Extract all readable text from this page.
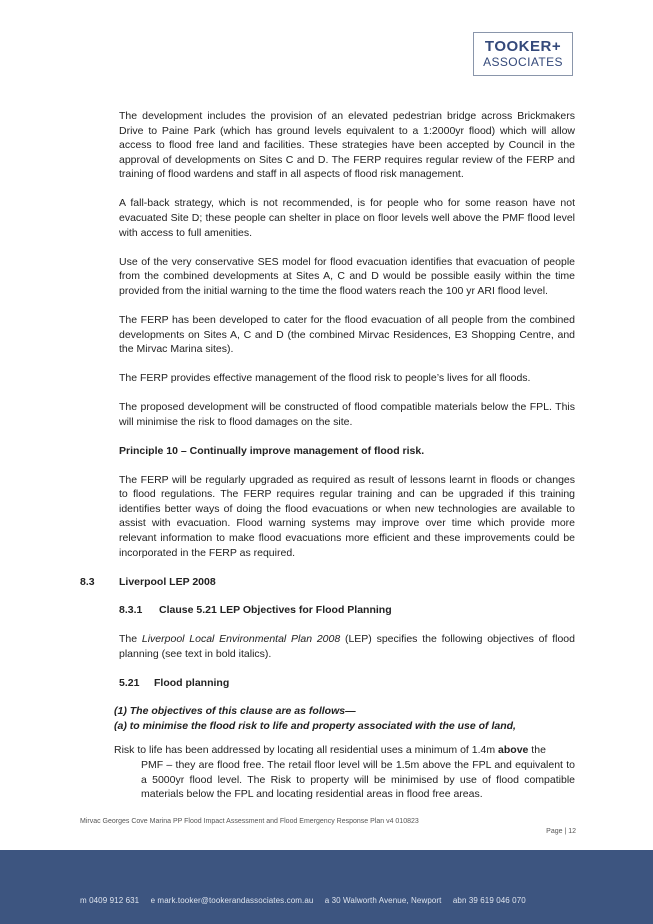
TOOKER+
ASSOCIATES

The development includes the provision of an elevated pedestrian bridge across Brickmakers Drive to Paine Park (which has ground levels equivalent to a 1:2000yr flood) which will allow access to flood free land and facilities. These strategies have been accepted by Council in the approval of developments on Sites C and D. The FERP requires regular review of the FERP and training of flood wardens and staff in all aspects of flood risk management.

A fall-back strategy, which is not recommended, is for people who for some reason have not evacuated Site D; these people can shelter in place on floor levels well above the PMF flood level with access to full amenities.

Use of the very conservative SES model for flood evacuation identifies that evacuation of people from the combined developments at Sites A, C and D would be possible easily within the time provided from the initial warning to the time the flood waters reach the 100 yr ARI flood level.

The FERP has been developed to cater for the flood evacuation of all people from the combined developments on Sites A, C and D (the combined Mirvac Residences, E3 Shopping Centre, and the Mirvac Marina sites).

The FERP provides effective management of the flood risk to people’s lives for all floods.

The proposed development will be constructed of flood compatible materials below the FPL. This will minimise the risk to flood damages on the site.

Principle 10 – Continually improve management of flood risk.

The FERP will be regularly upgraded as required as result of lessons learnt in floods or changes to flood regulations. The FERP requires regular training and can be upgraded if this training identifies better ways of doing the flood evacuations or when new technologies are available to assist with evacuation. Flood warning systems may improve over time which provide more relevant information to make flood evacuations more efficient and these improvements could be incorporated in the FERP as required.

8.3 Liverpool LEP 2008
8.3.1 Clause 5.21 LEP Objectives for Flood Planning

The Liverpool Local Environmental Plan 2008 (LEP) specifies the following objectives of flood planning (see text in bold italics).

5.21     Flood planning
(1) The objectives of this clause are as follows—
(a) to minimise the flood risk to life and property associated with the use of land,

Risk to life has been addressed by locating all residential uses a minimum of 1.4m above the
PMF – they are flood free. The retail floor level will be 1.5m above the FPL and equivalent to a 5000yr flood level. The Risk to property will be minimised by use of flood compatible materials below the FPL and locating residential areas in flood free areas.

Mirvac Georges Cove Marina PP Flood Impact Assessment and Flood Emergency Response Plan v4 010823
Page | 12
m 0409 912 631 e mark.tooker@tookerandassociates.com.au a 30 Walworth Avenue, Newport abn 39 619 046 070
